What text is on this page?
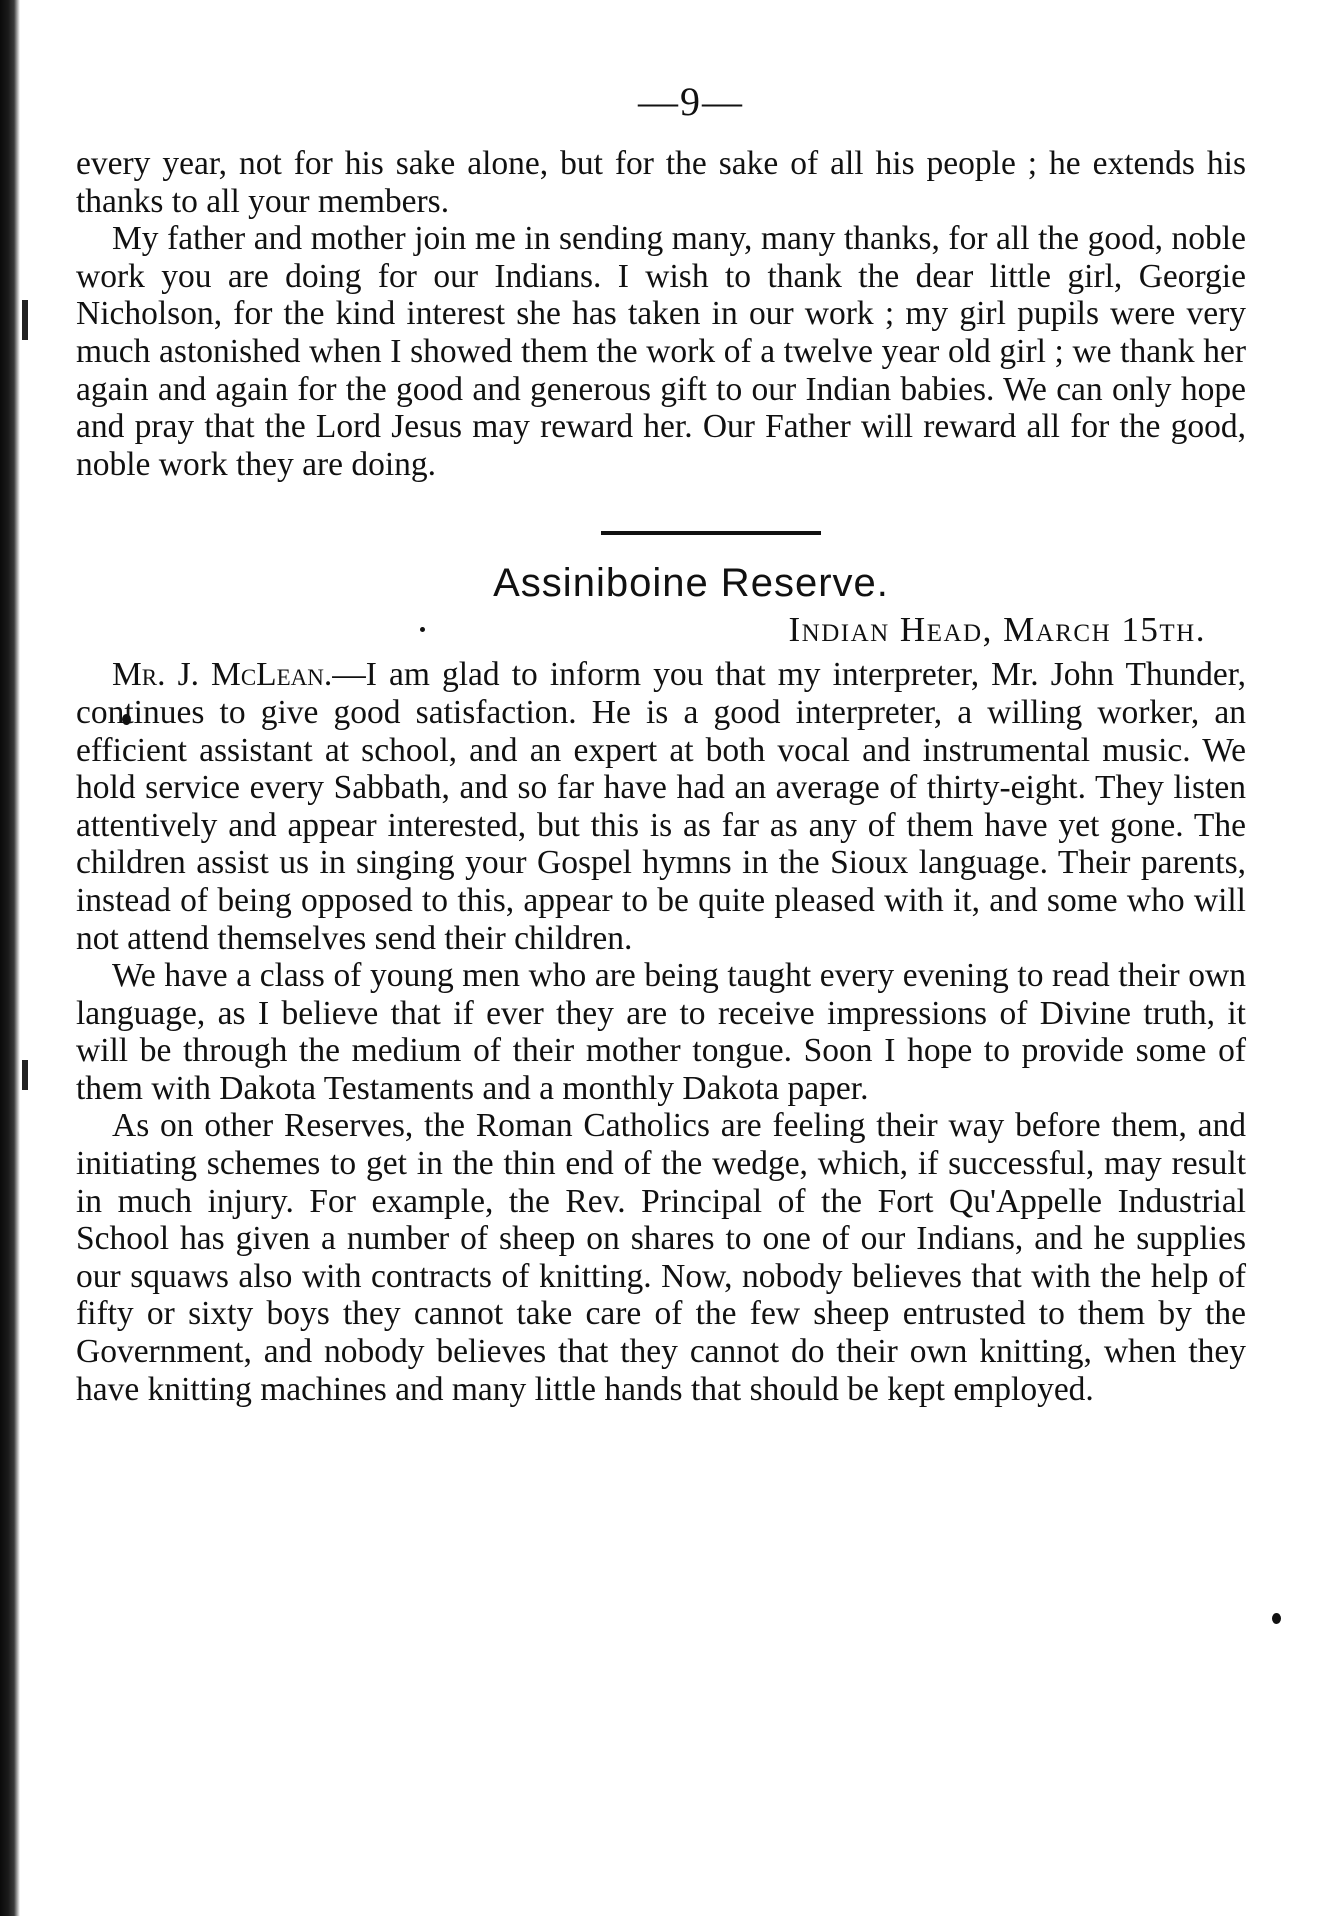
—9—

every year, not for his sake alone, but for the sake of all his people ; he extends his thanks to all your members.

My father and mother join me in sending many, many thanks, for all the good, noble work you are doing for our Indians. I wish to thank the dear little girl, Georgie Nicholson, for the kind interest she has taken in our work ; my girl pupils were very much astonished when I showed them the work of a twelve year old girl ; we thank her again and again for the good and generous gift to our Indian babies. We can only hope and pray that the Lord Jesus may reward her. Our Father will reward all for the good, noble work they are doing.

Assiniboine Reserve.
Indian Head, March 15th.

Mr. J. McLean.—I am glad to inform you that my interpreter, Mr. John Thunder, continues to give good satisfaction. He is a good interpreter, a willing worker, an efficient assistant at school, and an expert at both vocal and instrumental music. We hold service every Sabbath, and so far have had an average of thirty-eight. They listen attentively and appear interested, but this is as far as any of them have yet gone. The children assist us in singing your Gospel hymns in the Sioux language. Their parents, instead of being opposed to this, appear to be quite pleased with it, and some who will not attend themselves send their children.

We have a class of young men who are being taught every evening to read their own language, as I believe that if ever they are to receive impressions of Divine truth, it will be through the medium of their mother tongue. Soon I hope to provide some of them with Dakota Testaments and a monthly Dakota paper.

As on other Reserves, the Roman Catholics are feeling their way before them, and initiating schemes to get in the thin end of the wedge, which, if successful, may result in much injury. For example, the Rev. Principal of the Fort Qu'Appelle Industrial School has given a number of sheep on shares to one of our Indians, and he supplies our squaws also with contracts of knitting. Now, nobody believes that with the help of fifty or sixty boys they cannot take care of the few sheep entrusted to them by the Government, and nobody believes that they cannot do their own knitting, when they have knitting machines and many little hands that should be kept employed.
